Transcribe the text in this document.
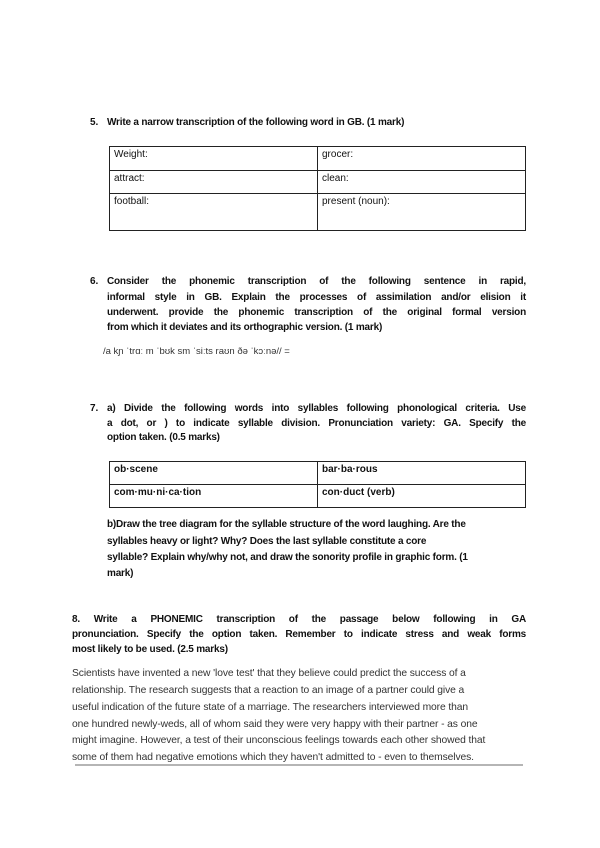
5. Write a narrow transcription of the following word in GB. (1 mark)
Weight:	grocer:
attract:	clean:
football:	present (noun):
6. Consider the phonemic transcription of the following sentence in rapid,
informal style in GB. Explain the processes of assimilation and/or elision it
underwent. provide the phonemic transcription of the original formal version
from which it deviates and its orthographic version. (1 mark)
/a kɲ ˈtrɑː m ˈbʊk sm ˈsiːts raʊn ðə ˈkɔːnə// =
7. a) Divide the following words into syllables following phonological criteria. Use
a dot, or ) to indicate syllable division. Pronunciation variety: GA. Specify the
option taken. (0.5 marks)
ob·scene	bar·ba·rous
com·mu·ni·ca·tion	con·duct (verb)
b)Draw the tree diagram for the syllable structure of the word laughing. Are the
syllables heavy or light? Why? Does the last syllable constitute a core
syllable? Explain why/why not, and draw the sonority profile in graphic form. (1
mark)
8. Write a PHONEMIC transcription of the passage below following in GA
pronunciation. Specify the option taken. Remember to indicate stress and weak forms
most likely to be used. (2.5 marks)
Scientists have invented a new 'love test' that they believe could predict the success of a
relationship. The research suggests that a reaction to an image of a partner could give a
useful indication of the future state of a marriage. The researchers interviewed more than
one hundred newly-weds, all of whom said they were very happy with their partner - as one
might imagine. However, a test of their unconscious feelings towards each other showed that
some of them had negative emotions which they haven't admitted to - even to themselves.
